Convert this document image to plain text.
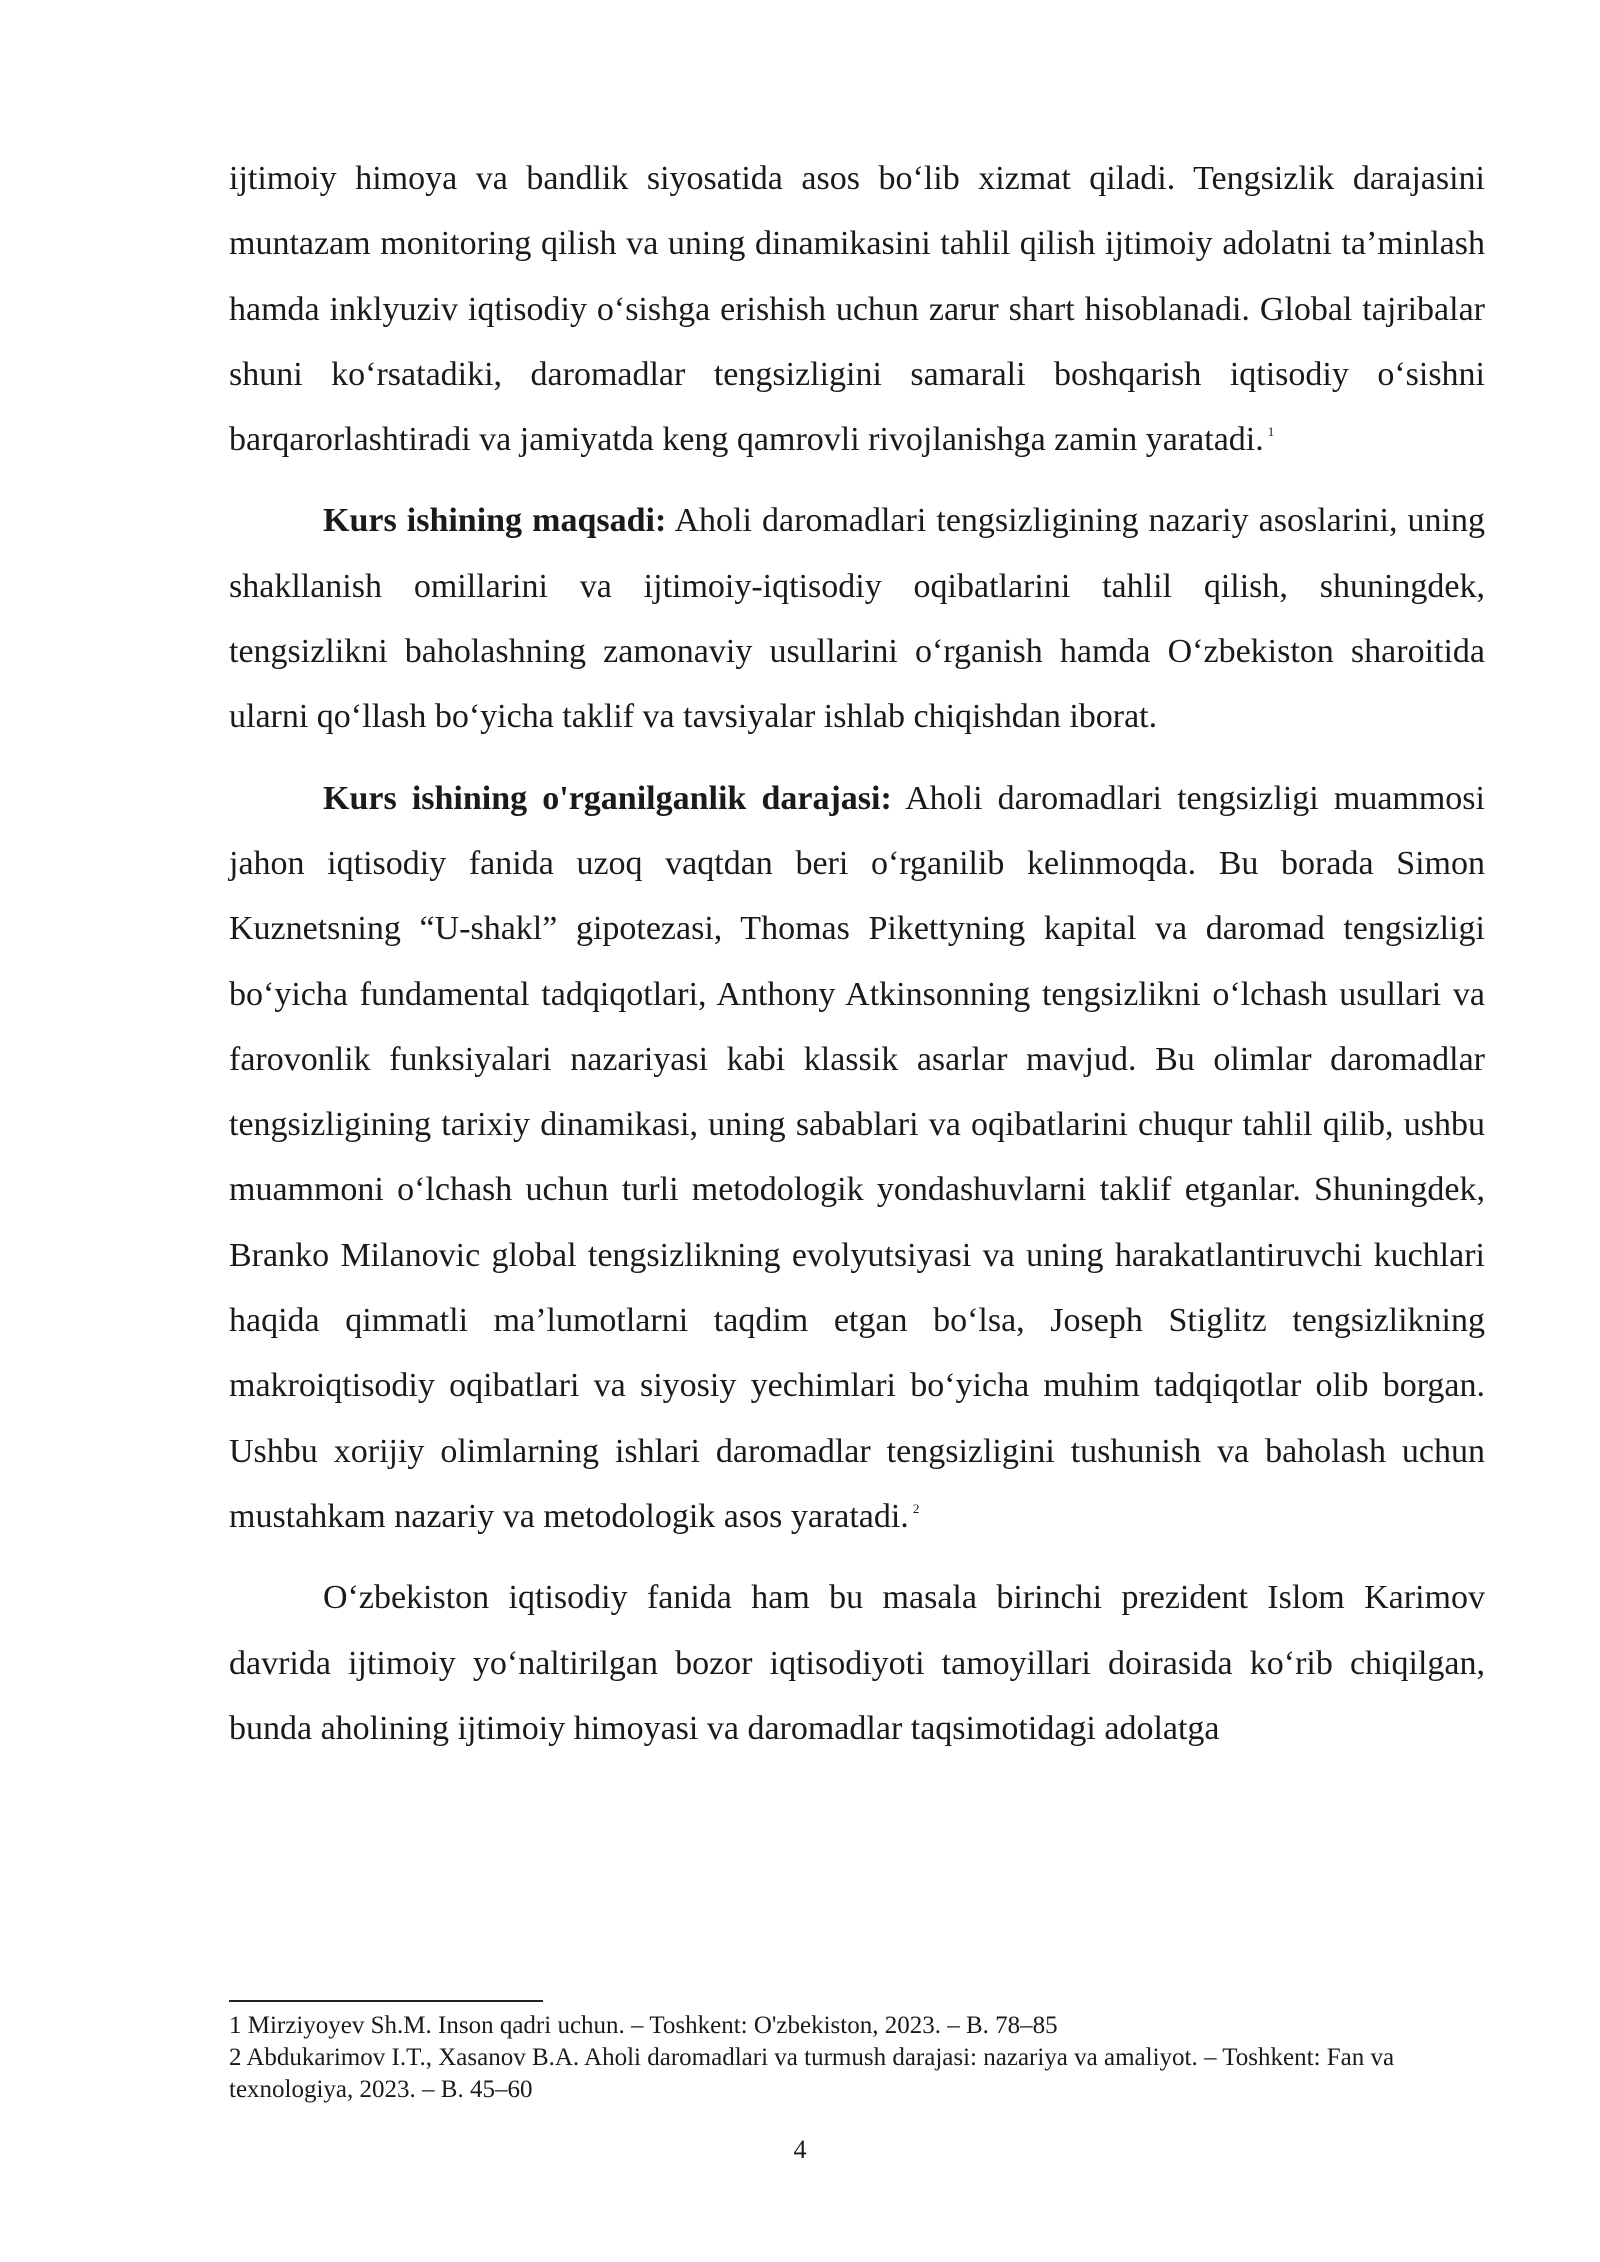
ijtimoiy himoya va bandlik siyosatida asos bo‘lib xizmat qiladi. Tengsizlik darajasini muntazam monitoring qilish va uning dinamikasini tahlil qilish ijtimoiy adolatni ta’minlash hamda inklyuziv iqtisodiy o‘sishga erishish uchun zarur shart hisoblanadi. Global tajribalar shuni ko‘rsatadiki, daromadlar tengsizligini samarali boshqarish iqtisodiy o‘sishni barqarorlashtiradi va jamiyatda keng qamrovli rivojlanishga zamin yaratadi. $^1$

Kurs ishining maqsadi: Aholi daromadlari tengsizligining nazariy asoslarini, uning shakllanish omillarini va ijtimoiy-iqtisodiy oqibatlarini tahlil qilish, shuningdek, tengsizlikni baholashning zamonaviy usullarini o‘rganish hamda O‘zbekiston sharoitida ularni qo‘llash bo‘yicha taklif va tavsiyalar ishlab chiqishdan iborat.

Kurs ishining o'rganilganlik darajasi: Aholi daromadlari tengsizligi muammosi jahon iqtisodiy fanida uzoq vaqtdan beri o‘rganilib kelinmoqda. Bu borada Simon Kuznetsning “U-shakl” gipotezasi, Thomas Pikettyning kapital va daromad tengsizligi bo‘yicha fundamental tadqiqotlari, Anthony Atkinsonning tengsizlikni o‘lchash usullari va farovonlik funksiyalari nazariyasi kabi klassik asarlar mavjud. Bu olimlar daromadlar tengsizligining tarixiy dinamikasi, uning sabablari va oqibatlarini chuqur tahlil qilib, ushbu muammoni o‘lchash uchun turli metodologik yondashuvlarni taklif etganlar. Shuningdek, Branko Milanovic global tengsizlikning evolyutsiyasi va uning harakatlantiruvchi kuchlari haqida qimmatli ma’lumotlarni taqdim etgan bo‘lsa, Joseph Stiglitz tengsizlikning makroiqtisodiy oqibatlari va siyosiy yechimlari bo‘yicha muhim tadqiqotlar olib borgan. Ushbu xorijiy olimlarning ishlari daromadlar tengsizligini tushunish va baholash uchun mustahkam nazariy va metodologik asos yaratadi. $^2$

O‘zbekiston iqtisodiy fanida ham bu masala birinchi prezident Islom Karimov davrida ijtimoiy yo‘naltirilgan bozor iqtisodiyoti tamoyillari doirasida ko‘rib chiqilgan, bunda aholining ijtimoiy himoyasi va daromadlar taqsimotidagi adolatga

1 Mirziyoyev Sh.M. Inson qadri uchun. – Toshkent: O'zbekiston, 2023. – B. 78–85

2 Abdukarimov I.T., Xasanov B.A. Aholi daromadlari va turmush darajasi: nazariya va amaliyot. – Toshkent: Fan va texnologiya, 2023. – B. 45–60

4
